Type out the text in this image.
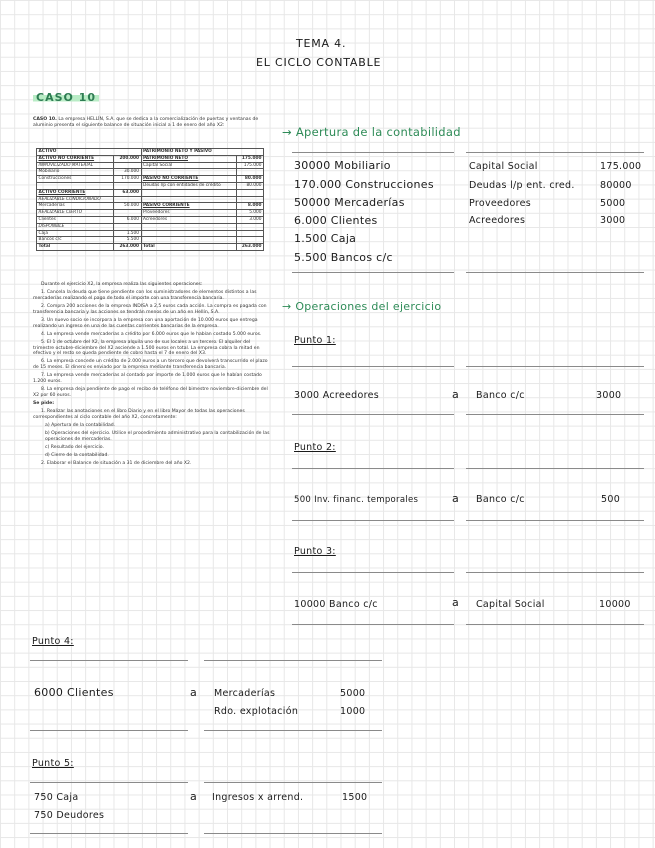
TEMA 4.
EL CICLO CONTABLE
CASO 10

CASO 10. La empresa HELLÍN, S.A. que se dedica a la comercialización de puertas y ventanas de aluminio presenta el siguiente balance de situación inicial a 1 de enero del año X2:

ACTIVO		PATRIMONIO NETO Y PASIVO	
ACTIVO NO CORRIENTE	200.000	PATRIMONIO NETO	175.000
INMOVILIZADO MATERIAL		Capital Social	175.000
Mobiliario	30.000		
Construcciones	170.000	PASIVO NO CORRIENTE	80.000
		Deudas l/p con entidades de crédito	80.000
ACTIVO CORRIENTE	63.000		
REALIZABLE CONDICIONADO			
Mercaderías	50.000	PASIVO CORRIENTE	8.000
REALIZABLE CIERTO		Proveedores	5.000
Clientes	6.000	Acreedores	3.000
DISPONIBLE			
Caja	1.500		
Bancos c/c	5.500		
Total	263.000	Total	263.000

Durante el ejercicio X2, la empresa realiza las siguientes operaciones:

1. Cancela la deuda que tiene pendiente con los suministradores de elementos distintos a las mercaderías realizando el pago de todo el importe con una transferencia bancaria.

2. Compra 200 acciones de la empresa INDISA a 2,5 euros cada acción. La compra es pagada con transferencia bancaria y las acciones se tendrán menos de un año en Hellín, S.A.

3. Un nuevo socio se incorpora a la empresa con una aportación de 10.000 euros que entrega realizando un ingreso en una de las cuentas corrientes bancarias de la empresa.

4. La empresa vende mercaderías a crédito por 6.000 euros que le habían costado 5.000 euros.

5. El 1 de octubre del X2, la empresa alquila uno de sus locales a un tercero. El alquiler del trimestre octubre-diciembre del X2 asciende a 1.500 euros en total. La empresa cobra la mitad en efectivo y el resto se queda pendiente de cobro hasta el 7 de enero del X3.

6. La empresa concede un crédito de 2.000 euros a un tercero que devolverá transcurrido el plazo de 15 meses. El dinero es enviado por la empresa mediante transferencia bancaria.

7. La empresa vende mercaderías al contado por importe de 1.000 euros que le habían costado 1.200 euros.

8. La empresa deja pendiente de pago el recibo de teléfono del bimestre noviembre-diciembre del X2 por 60 euros.

Se pide:

1. Realizar las anotaciones en el libro Diario y en el libro Mayor de todas las operaciones correspondientes al ciclo contable del año X2, concretamente:

a) Apertura de la contabilidad.

b) Operaciones del ejercicio. Utilice el procedimiento administrativo para la contabilización de las operaciones de mercaderías.

c) Resultado del ejercicio.

d) Cierre de la contabilidad.

2. Elaborar el Balance de situación a 31 de diciembre del año X2.

→ Apertura de la contabilidad
30000 Mobiliario
170.000 Construcciones
50000 Mercaderías
6.000 Clientes
1.500 Caja
5.500 Bancos c/c
Capital Social	175.000
Deudas l/p ent. cred.	80000
Proveedores	5000
Acreedores	3000
→ Operaciones del ejercicio
Punto 1:
3000 Acreedores	a Banco c/c	3000
Punto 2:
500 Inv. financ. temporales	a Banco c/c	500
Punto 3:
10000 Banco c/c	a Capital Social	10000
Punto 4:
6000 Clientes	a Mercaderías	5000
Rdo. explotación	1000
Punto 5:
750 Caja
750 Deudores
a Ingresos x arrend.	1500
